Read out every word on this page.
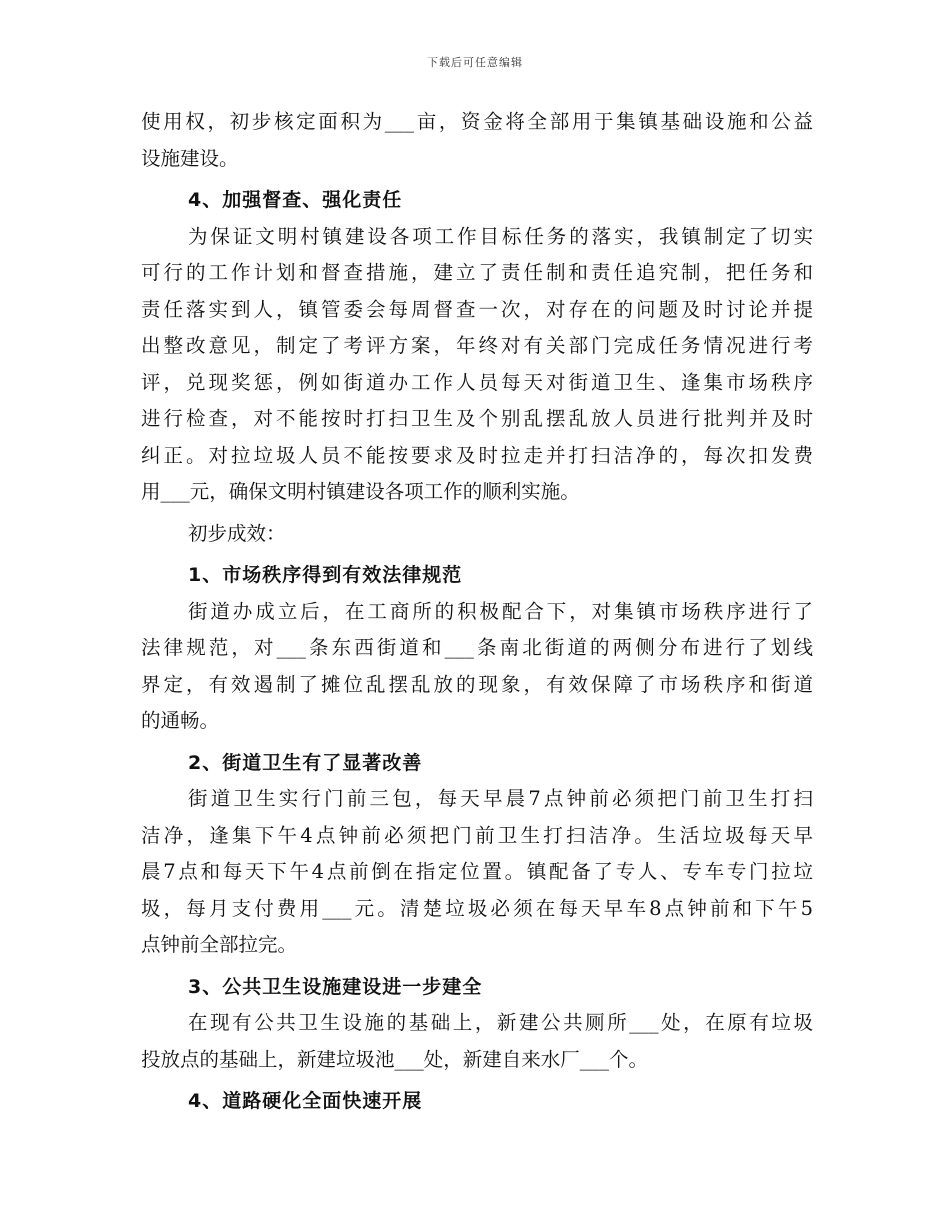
下载后可任意编辑
使用权，初步核定面积为___亩，资金将全部用于集镇基础设施和公益
设施建设。
4、加强督查、强化责任
为保证文明村镇建设各项工作目标任务的落实，我镇制定了切实
可行的工作计划和督查措施，建立了责任制和责任追究制，把任务和
责任落实到人，镇管委会每周督查一次，对存在的问题及时讨论并提
出整改意见，制定了考评方案，年终对有关部门完成任务情况进行考
评，兑现奖惩，例如街道办工作人员每天对街道卫生、逢集市场秩序
进行检查，对不能按时打扫卫生及个别乱摆乱放人员进行批判并及时
纠正。对拉垃圾人员不能按要求及时拉走并打扫洁净的，每次扣发费
用___元，确保文明村镇建设各项工作的顺利实施。
初步成效：
1、市场秩序得到有效法律规范
街道办成立后，在工商所的积极配合下，对集镇市场秩序进行了
法律规范，对___条东西街道和___条南北街道的两侧分布进行了划线
界定，有效遏制了摊位乱摆乱放的现象，有效保障了市场秩序和街道
的通畅。
2、街道卫生有了显著改善
街道卫生实行门前三包，每天早晨7点钟前必须把门前卫生打扫
洁净，逢集下午4点钟前必须把门前卫生打扫洁净。生活垃圾每天早
晨7点和每天下午4点前倒在指定位置。镇配备了专人、专车专门拉垃
圾，每月支付费用___元。清楚垃圾必须在每天早车8点钟前和下午5
点钟前全部拉完。
3、公共卫生设施建设进一步建全
在现有公共卫生设施的基础上，新建公共厕所___处，在原有垃圾
投放点的基础上，新建垃圾池___处，新建自来水厂___个。
4、道路硬化全面快速开展
